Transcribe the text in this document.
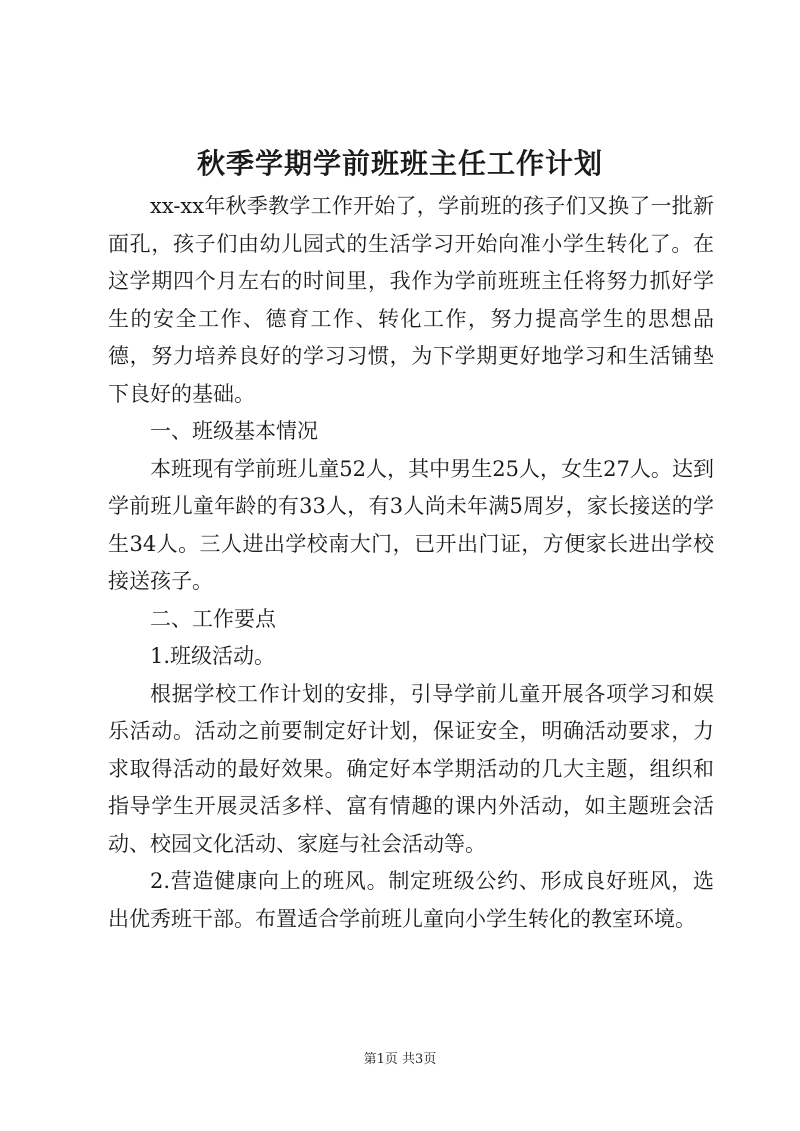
秋季学期学前班班主任工作计划

xx-xx年秋季教学工作开始了，学前班的孩子们又换了一批新面孔，孩子们由幼儿园式的生活学习开始向准小学生转化了。在这学期四个月左右的时间里，我作为学前班班主任将努力抓好学生的安全工作、德育工作、转化工作，努力提高学生的思想品德，努力培养良好的学习习惯，为下学期更好地学习和生活铺垫下良好的基础。

一、班级基本情况

本班现有学前班儿童52人，其中男生25人，女生27人。达到学前班儿童年龄的有33人，有3人尚未年满5周岁，家长接送的学生34人。三人进出学校南大门，已开出门证，方便家长进出学校接送孩子。

二、工作要点

1.班级活动。

根据学校工作计划的安排，引导学前儿童开展各项学习和娱乐活动。活动之前要制定好计划，保证安全，明确活动要求，力求取得活动的最好效果。确定好本学期活动的几大主题，组织和指导学生开展灵活多样、富有情趣的课内外活动，如主题班会活动、校园文化活动、家庭与社会活动等。

2.营造健康向上的班风。制定班级公约、形成良好班风，选出优秀班干部。布置适合学前班儿童向小学生转化的教室环境。

第1页 共3页
